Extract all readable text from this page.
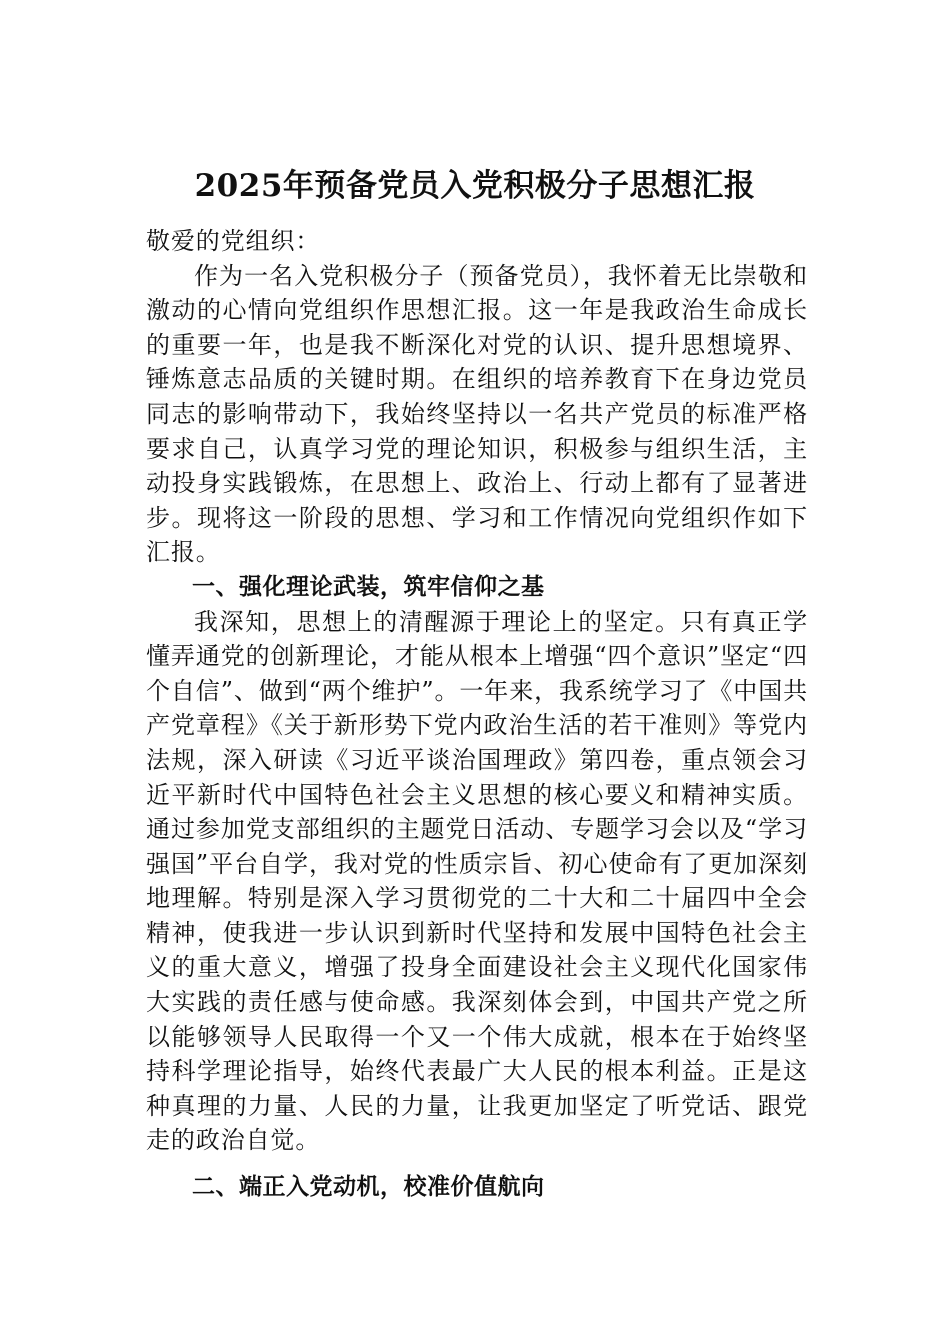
2025年预备党员入党积极分子思想汇报

敬爱的党组织：

作为一名入党积极分子（预备党员），我怀着无比崇敬和激动的心情向党组织作思想汇报。这一年是我政治生命成长的重要一年，也是我不断深化对党的认识、提升思想境界、锤炼意志品质的关键时期。在组织的培养教育下在身边党员同志的影响带动下，我始终坚持以一名共产党员的标准严格要求自己，认真学习党的理论知识，积极参与组织生活，主动投身实践锻炼，在思想上、政治上、行动上都有了显著进步。现将这一阶段的思想、学习和工作情况向党组织作如下汇报。

一、强化理论武装，筑牢信仰之基

我深知，思想上的清醒源于理论上的坚定。只有真正学懂弄通党的创新理论，才能从根本上增强“四个意识”坚定“四个自信”、做到“两个维护”。一年来，我系统学习了《中国共产党章程》《关于新形势下党内政治生活的若干准则》等党内法规，深入研读《习近平谈治国理政》第四卷，重点领会习近平新时代中国特色社会主义思想的核心要义和精神实质。通过参加党支部组织的主题党日活动、专题学习会以及“学习强国”平台自学，我对党的性质宗旨、初心使命有了更加深刻地理解。特别是深入学习贯彻党的二十大和二十届四中全会精神，使我进一步认识到新时代坚持和发展中国特色社会主义的重大意义，增强了投身全面建设社会主义现代化国家伟大实践的责任感与使命感。我深刻体会到，中国共产党之所以能够领导人民取得一个又一个伟大成就，根本在于始终坚持科学理论指导，始终代表最广大人民的根本利益。正是这种真理的力量、人民的力量，让我更加坚定了听党话、跟党走的政治自觉。

二、端正入党动机，校准价值航向
